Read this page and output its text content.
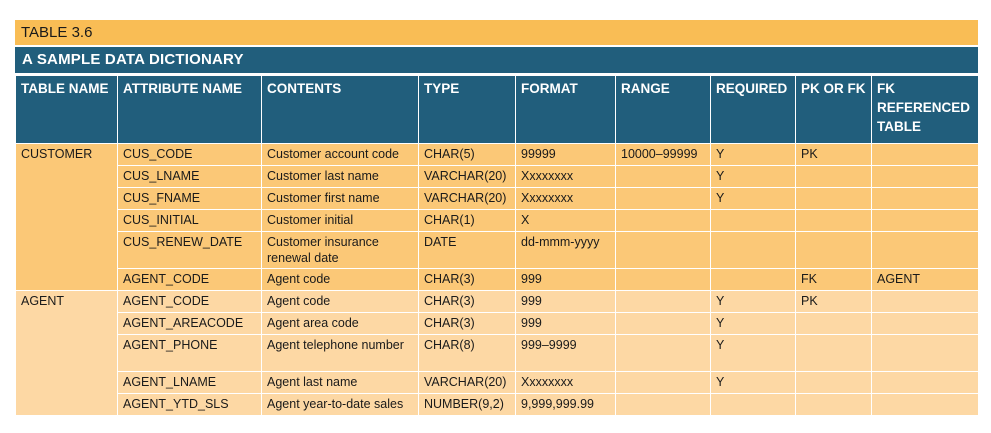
TABLE 3.6
A SAMPLE DATA DICTIONARY
TABLE NAME	ATTRIBUTE NAME	CONTENTS	TYPE	FORMAT	RANGE	REQUIRED	PK OR FK	FK REFERENCED TABLE
CUSTOMER	CUS_CODE	Customer account code	CHAR(5)	99999	10000–99999	Y	PK	
	CUS_LNAME	Customer last name	VARCHAR(20)	Xxxxxxxx		Y		
	CUS_FNAME	Customer first name	VARCHAR(20)	Xxxxxxxx		Y		
	CUS_INITIAL	Customer initial	CHAR(1)	X				
	CUS_RENEW_DATE	Customer insurance renewal date	DATE	dd-mmm-yyyy				
	AGENT_CODE	Agent code	CHAR(3)	999			FK	AGENT
AGENT	AGENT_CODE	Agent code	CHAR(3)	999		Y	PK	
	AGENT_AREACODE	Agent area code	CHAR(3)	999		Y		
	AGENT_PHONE	Agent telephone number	CHAR(8)	999–9999		Y		
	AGENT_LNAME	Agent last name	VARCHAR(20)	Xxxxxxxx		Y		
	AGENT_YTD_SLS	Agent year-to-date sales	NUMBER(9,2)	9,999,999.99				
